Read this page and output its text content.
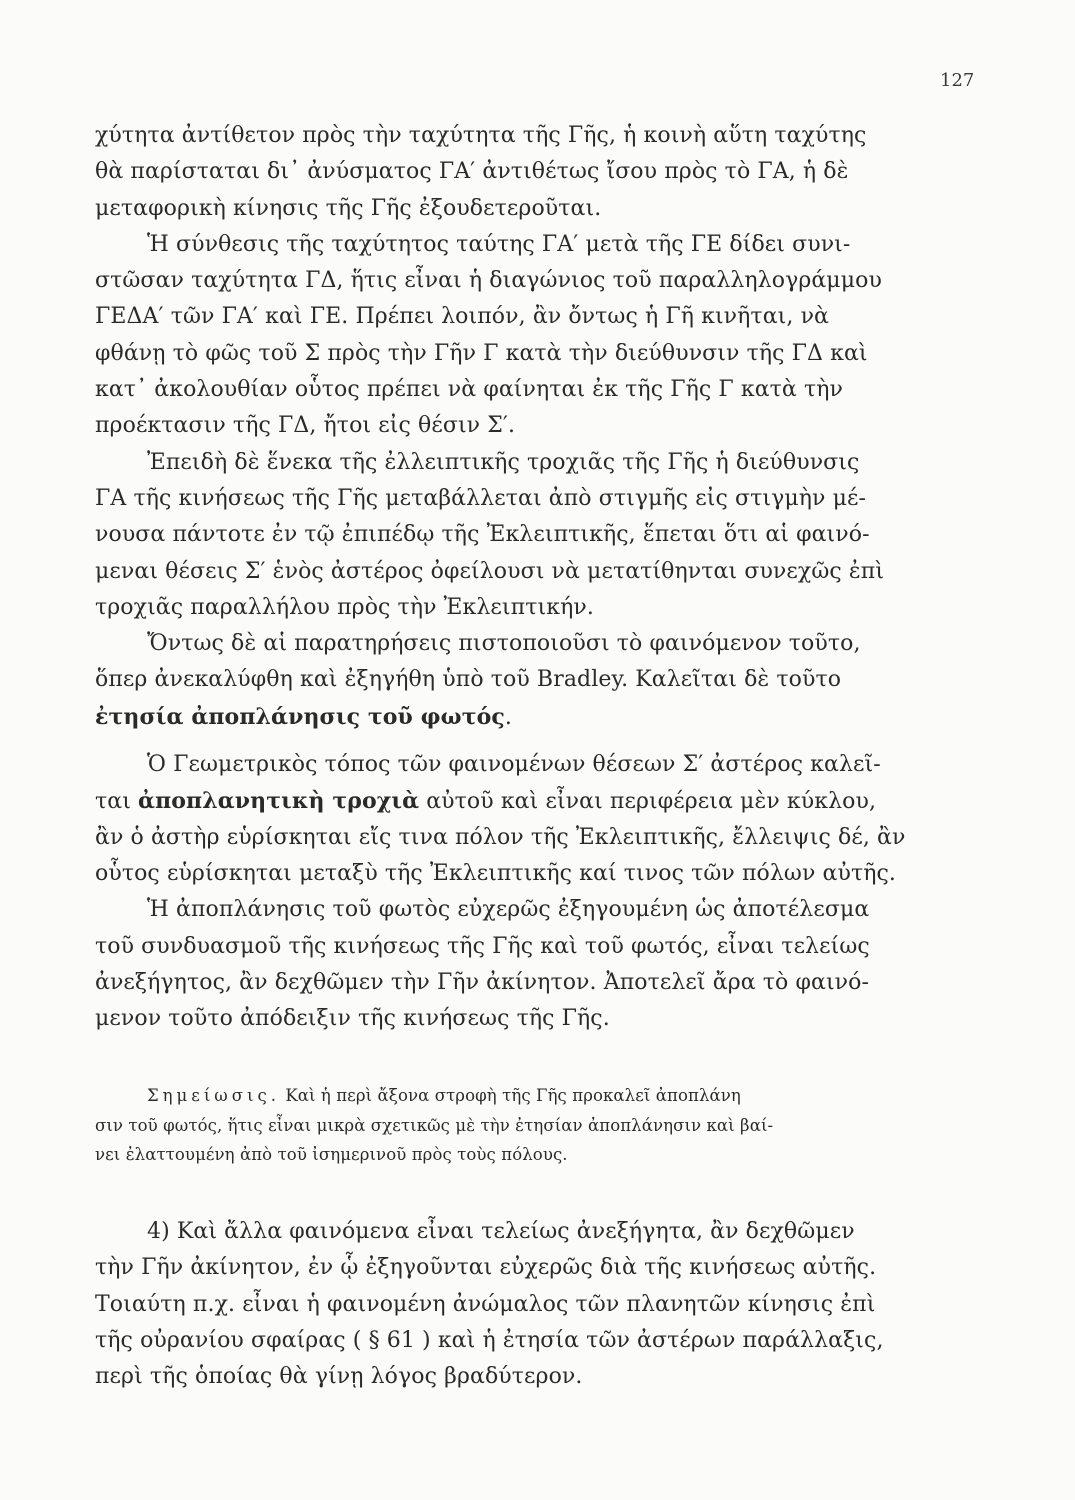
127
χύτητα ἀντίθετον πρὸς τὴν ταχύτητα τῆς Γῆς, ἡ κοινὴ αὕτη ταχύτης
θὰ παρίσταται δι᾽ ἀνύσματος ΓΑ′ ἀντιθέτως ἴσου πρὸς τὸ ΓΑ, ἡ δὲ
μεταφορικὴ κίνησις τῆς Γῆς ἐξουδετεροῦται.
Ἡ σύνθεσις τῆς ταχύτητος ταύτης ΓΑ′ μετὰ τῆς ΓΕ δίδει συνι-
στῶσαν ταχύτητα ΓΔ, ἥτις εἶναι ἡ διαγώνιος τοῦ παραλληλογράμμου
ΓΕΔΑ′ τῶν ΓΑ′ καὶ ΓΕ. Πρέπει λοιπόν, ἂν ὄντως ἡ Γῆ κινῆται, νὰ
φθάνῃ τὸ φῶς τοῦ Σ πρὸς τὴν Γῆν Γ κατὰ τὴν διεύθυνσιν τῆς ΓΔ καὶ
κατ᾽ ἀκολουθίαν οὗτος πρέπει νὰ φαίνηται ἐκ τῆς Γῆς Γ κατὰ τὴν
προέκτασιν τῆς ΓΔ, ἤτοι εἰς θέσιν Σ′.
Ἐπειδὴ δὲ ἕνεκα τῆς ἐλλειπτικῆς τροχιᾶς τῆς Γῆς ἡ διεύθυνσις
ΓΑ τῆς κινήσεως τῆς Γῆς μεταβάλλεται ἀπὸ στιγμῆς εἰς στιγμὴν μέ-
νουσα πάντοτε ἐν τῷ ἐπιπέδῳ τῆς Ἐκλειπτικῆς, ἕπεται ὅτι αἱ φαινό-
μεναι θέσεις Σ′ ἑνὸς ἀστέρος ὀφείλουσι νὰ μετατίθηνται συνεχῶς ἐπὶ
τροχιᾶς παραλλήλου πρὸς τὴν Ἐκλειπτικήν.
Ὄντως δὲ αἱ παρατηρήσεις πιστοποιοῦσι τὸ φαινόμενον τοῦτο,
ὅπερ ἀνεκαλύφθη καὶ ἐξηγήθη ὑπὸ τοῦ Bradley. Καλεῖται δὲ τοῦτο
ἐτησία ἀποπλάνησις τοῦ φωτός.
Ὁ Γεωμετρικὸς τόπος τῶν φαινομένων θέσεων Σ′ ἀστέρος καλεῖ-
ται ἀποπλανητικὴ τροχιὰ αὐτοῦ καὶ εἶναι περιφέρεια μὲν κύκλου,
ἂν ὁ ἀστὴρ εὑρίσκηται εἴς τινα πόλον τῆς Ἐκλειπτικῆς, ἔλλειψις δέ, ἂν
οὗτος εὑρίσκηται μεταξὺ τῆς Ἐκλειπτικῆς καί τινος τῶν πόλων αὐτῆς.
Ἡ ἀποπλάνησις τοῦ φωτὸς εὐχερῶς ἐξηγουμένη ὡς ἀποτέλεσμα
τοῦ συνδυασμοῦ τῆς κινήσεως τῆς Γῆς καὶ τοῦ φωτός, εἶναι τελείως
ἀνεξήγητος, ἂν δεχθῶμεν τὴν Γῆν ἀκίνητον. Ἀποτελεῖ ἄρα τὸ φαινό-
μενον τοῦτο ἀπόδειξιν τῆς κινήσεως τῆς Γῆς.
Σημείωσις. Καὶ ἡ περὶ ἄξονα στροφὴ τῆς Γῆς προκαλεῖ ἀποπλάνη
σιν τοῦ φωτός, ἥτις εἶναι μικρὰ σχετικῶς μὲ τὴν ἐτησίαν ἀποπλάνησιν καὶ βαί-
νει ἐλαττουμένη ἀπὸ τοῦ ἰσημερινοῦ πρὸς τοὺς πόλους.
4) Καὶ ἄλλα φαινόμενα εἶναι τελείως ἀνεξήγητα, ἂν δεχθῶμεν
τὴν Γῆν ἀκίνητον, ἐν ᾧ ἐξηγοῦνται εὐχερῶς διὰ τῆς κινήσεως αὐτῆς.
Τοιαύτη π.χ. εἶναι ἡ φαινομένη ἀνώμαλος τῶν πλανητῶν κίνησις ἐπὶ
τῆς οὐρανίου σφαίρας ( § 61 ) καὶ ἡ ἐτησία τῶν ἀστέρων παράλλαξις,
περὶ τῆς ὁποίας θὰ γίνῃ λόγος βραδύτερον.
